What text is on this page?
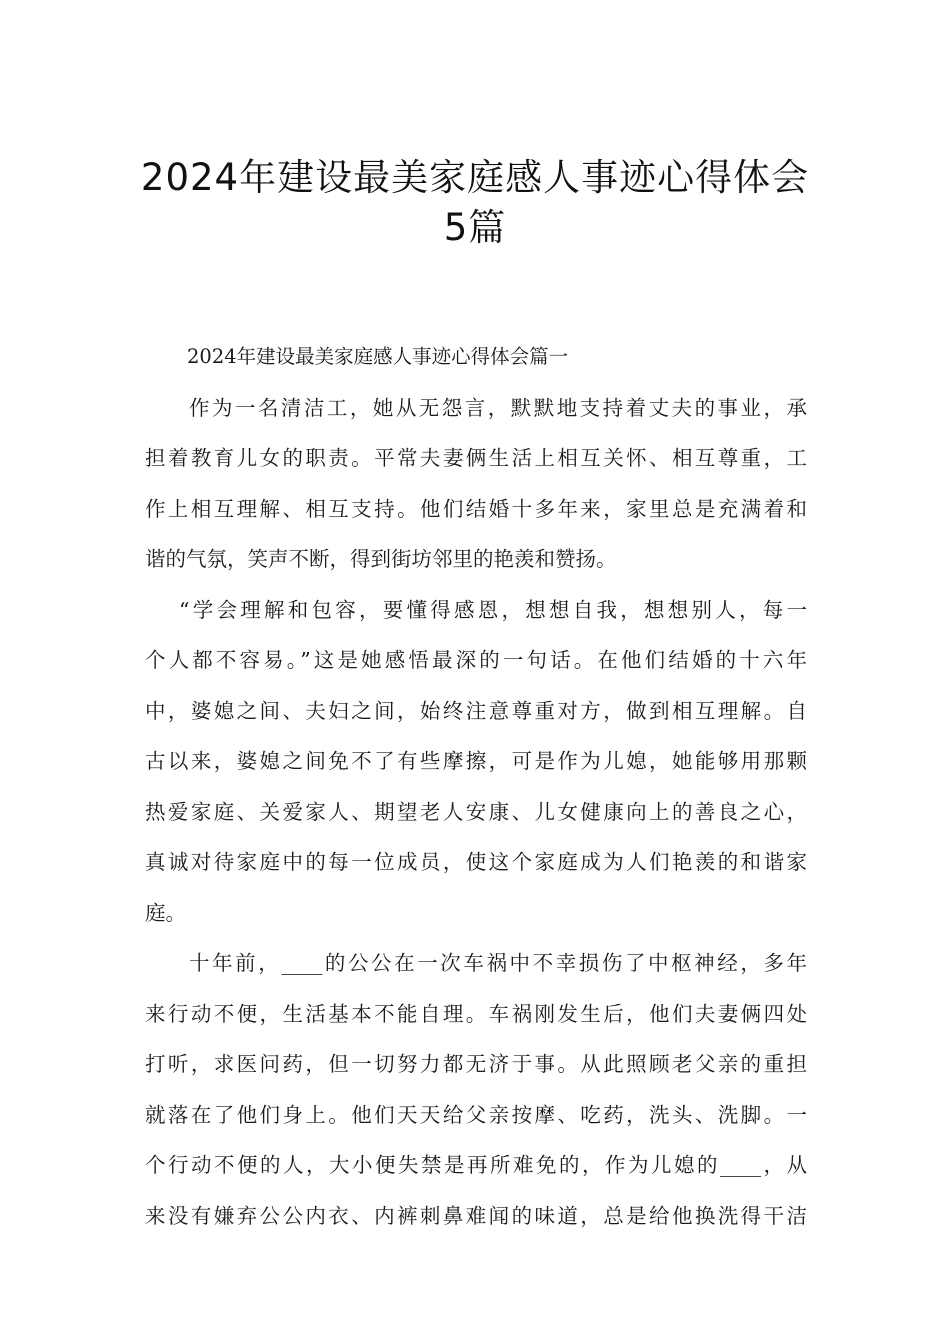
2024年建设最美家庭感人事迹心得体会
5篇

2024年建设最美家庭感人事迹心得体会篇一

作为一名清洁工，她从无怨言，默默地支持着丈夫的事业，承
担着教育儿女的职责。平常夫妻俩生活上相互关怀、相互尊重，工
作上相互理解、相互支持。他们结婚十多年来，家里总是充满着和
谐的气氛，笑声不断，得到街坊邻里的艳羡和赞扬。
“学会理解和包容，要懂得感恩，想想自我，想想别人，每一
个人都不容易。”这是她感悟最深的一句话。在他们结婚的十六年
中，婆媳之间、夫妇之间，始终注意尊重对方，做到相互理解。自
古以来，婆媳之间免不了有些摩擦，可是作为儿媳，她能够用那颗
热爱家庭、关爱家人、期望老人安康、儿女健康向上的善良之心，
真诚对待家庭中的每一位成员，使这个家庭成为人们艳羡的和谐家
庭。
十年前，____的公公在一次车祸中不幸损伤了中枢神经，多年
来行动不便，生活基本不能自理。车祸刚发生后，他们夫妻俩四处
打听，求医问药，但一切努力都无济于事。从此照顾老父亲的重担
就落在了他们身上。他们天天给父亲按摩、吃药，洗头、洗脚。一
个行动不便的人，大小便失禁是再所难免的，作为儿媳的____，从
来没有嫌弃公公内衣、内裤刺鼻难闻的味道，总是给他换洗得干洁
